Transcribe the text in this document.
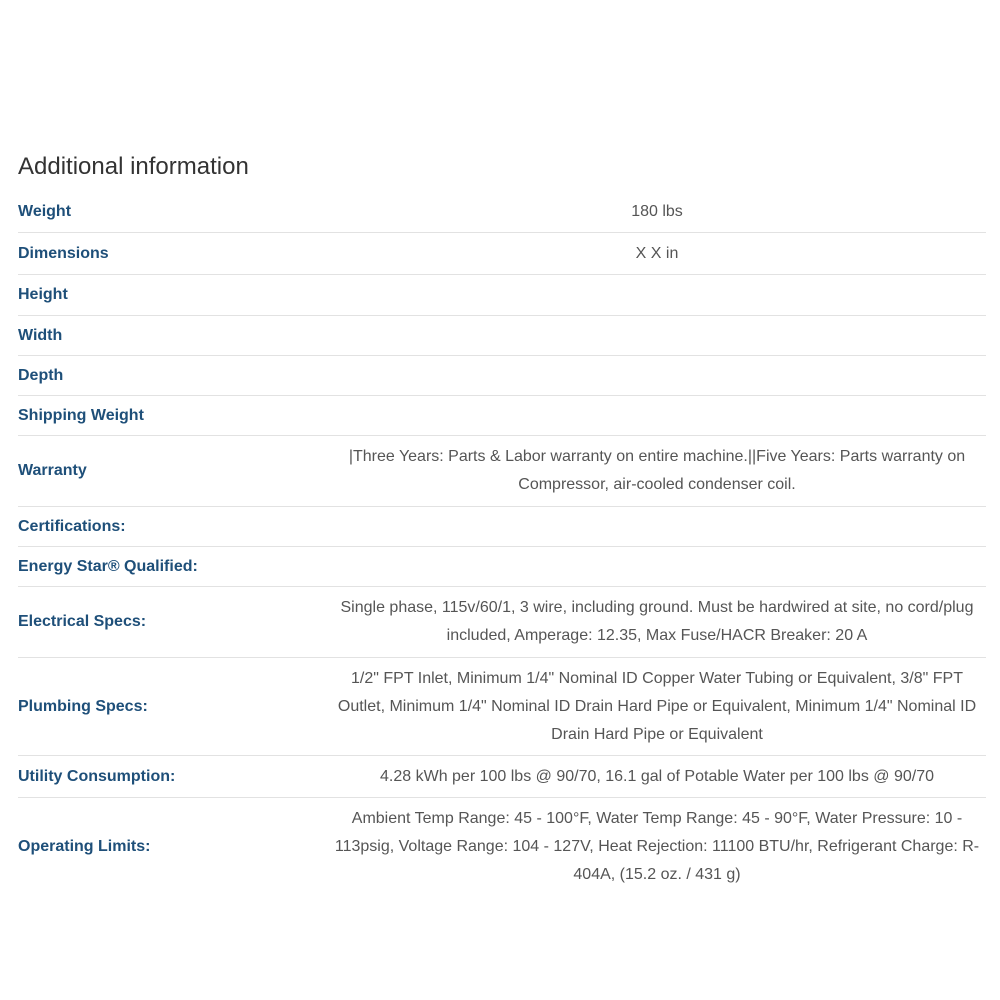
Additional information
Weight	180 lbs
Dimensions	X X in
Height	
Width	
Depth	
Shipping Weight	
Warranty	|Three Years: Parts & Labor warranty on entire machine.||Five Years: Parts warranty on Compressor, air-cooled condenser coil.
Certifications:	
Energy Star® Qualified:	
Electrical Specs:	Single phase, 115v/60/1, 3 wire, including ground. Must be hardwired at site, no cord/plug included, Amperage: 12.35, Max Fuse/HACR Breaker: 20 A
Plumbing Specs:	1/2" FPT Inlet, Minimum 1/4" Nominal ID Copper Water Tubing or Equivalent, 3/8" FPT Outlet, Minimum 1/4" Nominal ID Drain Hard Pipe or Equivalent, Minimum 1/4" Nominal ID Drain Hard Pipe or Equivalent
Utility Consumption:	4.28 kWh per 100 lbs @ 90/70, 16.1 gal of Potable Water per 100 lbs @ 90/70
Operating Limits:	Ambient Temp Range: 45 - 100°F, Water Temp Range: 45 - 90°F, Water Pressure: 10 - 113psig, Voltage Range: 104 - 127V, Heat Rejection: 11100 BTU/hr, Refrigerant Charge: R-404A, (15.2 oz. / 431 g)
